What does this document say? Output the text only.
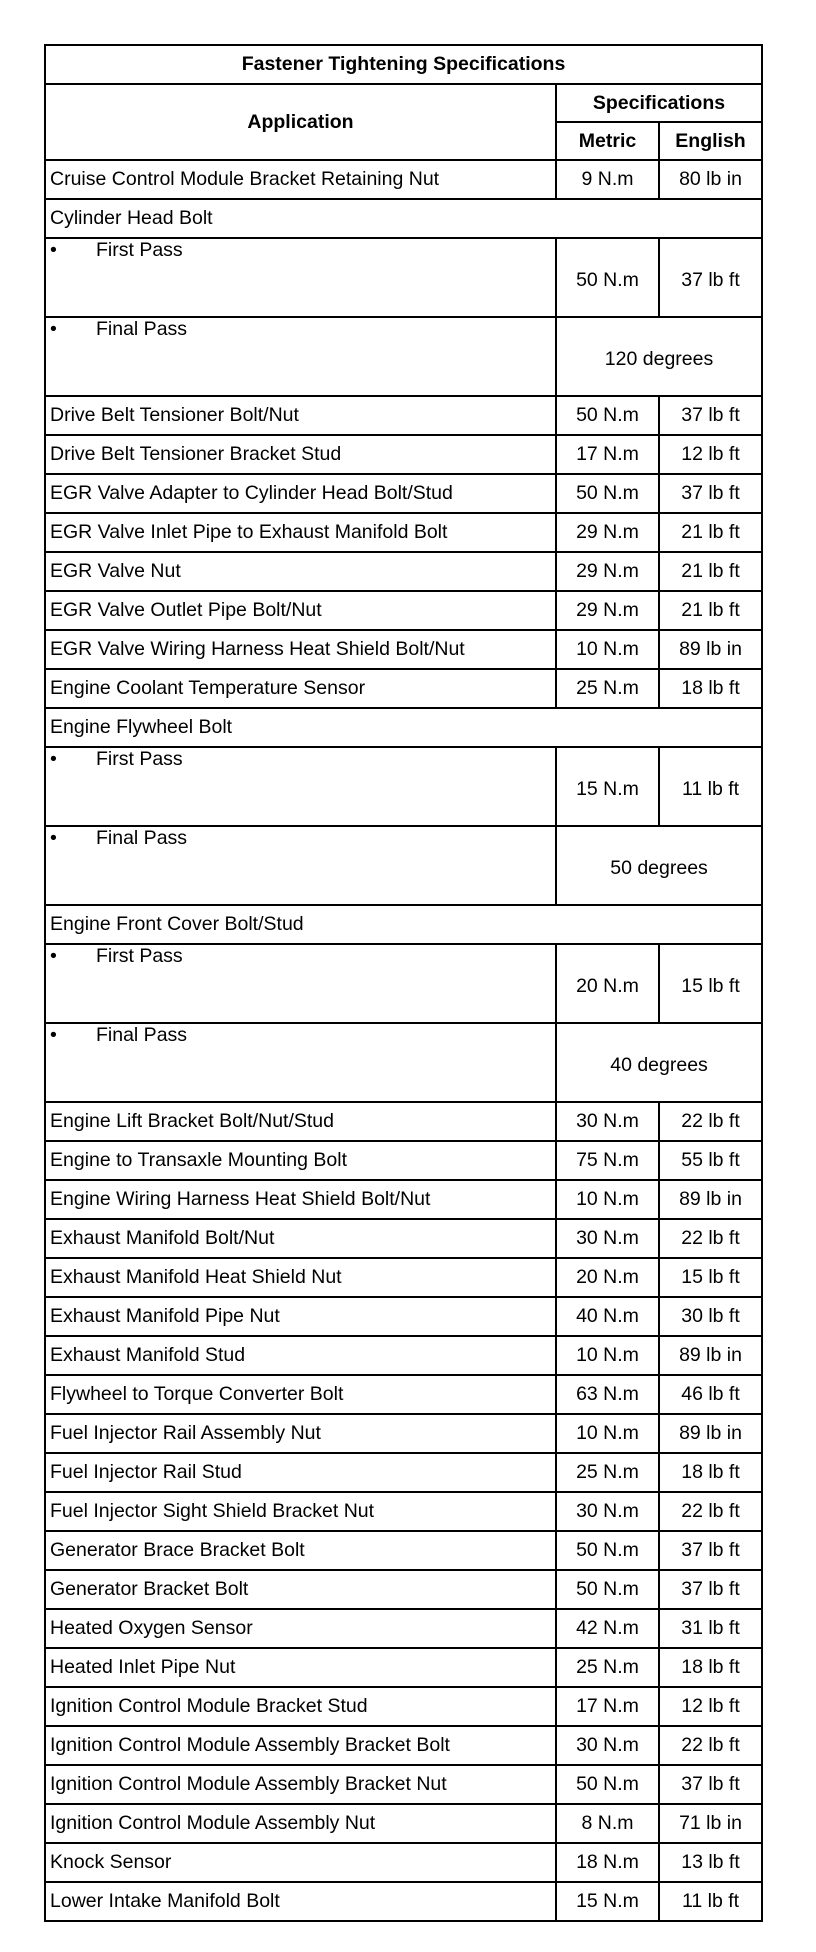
Fastener Tightening Specifications		
Application	Specifications	
	Metric	English
Cruise Control Module Bracket Retaining Nut	9 N.m	80 lb in
Cylinder Head Bolt		
• First Pass	50 N.m	37 lb ft
• Final Pass	120 degrees	
Drive Belt Tensioner Bolt/Nut	50 N.m	37 lb ft
Drive Belt Tensioner Bracket Stud	17 N.m	12 lb ft
EGR Valve Adapter to Cylinder Head Bolt/Stud	50 N.m	37 lb ft
EGR Valve Inlet Pipe to Exhaust Manifold Bolt	29 N.m	21 lb ft
EGR Valve Nut	29 N.m	21 lb ft
EGR Valve Outlet Pipe Bolt/Nut	29 N.m	21 lb ft
EGR Valve Wiring Harness Heat Shield Bolt/Nut	10 N.m	89 lb in
Engine Coolant Temperature Sensor	25 N.m	18 lb ft
Engine Flywheel Bolt		
• First Pass	15 N.m	11 lb ft
• Final Pass	50 degrees	
Engine Front Cover Bolt/Stud		
• First Pass	20 N.m	15 lb ft
• Final Pass	40 degrees	
Engine Lift Bracket Bolt/Nut/Stud	30 N.m	22 lb ft
Engine to Transaxle Mounting Bolt	75 N.m	55 lb ft
Engine Wiring Harness Heat Shield Bolt/Nut	10 N.m	89 lb in
Exhaust Manifold Bolt/Nut	30 N.m	22 lb ft
Exhaust Manifold Heat Shield Nut	20 N.m	15 lb ft
Exhaust Manifold Pipe Nut	40 N.m	30 lb ft
Exhaust Manifold Stud	10 N.m	89 lb in
Flywheel to Torque Converter Bolt	63 N.m	46 lb ft
Fuel Injector Rail Assembly Nut	10 N.m	89 lb in
Fuel Injector Rail Stud	25 N.m	18 lb ft
Fuel Injector Sight Shield Bracket Nut	30 N.m	22 lb ft
Generator Brace Bracket Bolt	50 N.m	37 lb ft
Generator Bracket Bolt	50 N.m	37 lb ft
Heated Oxygen Sensor	42 N.m	31 lb ft
Heated Inlet Pipe Nut	25 N.m	18 lb ft
Ignition Control Module Bracket Stud	17 N.m	12 lb ft
Ignition Control Module Assembly Bracket Bolt	30 N.m	22 lb ft
Ignition Control Module Assembly Bracket Nut	50 N.m	37 lb ft
Ignition Control Module Assembly Nut	8 N.m	71 lb in
Knock Sensor	18 N.m	13 lb ft
Lower Intake Manifold Bolt	15 N.m	11 lb ft
